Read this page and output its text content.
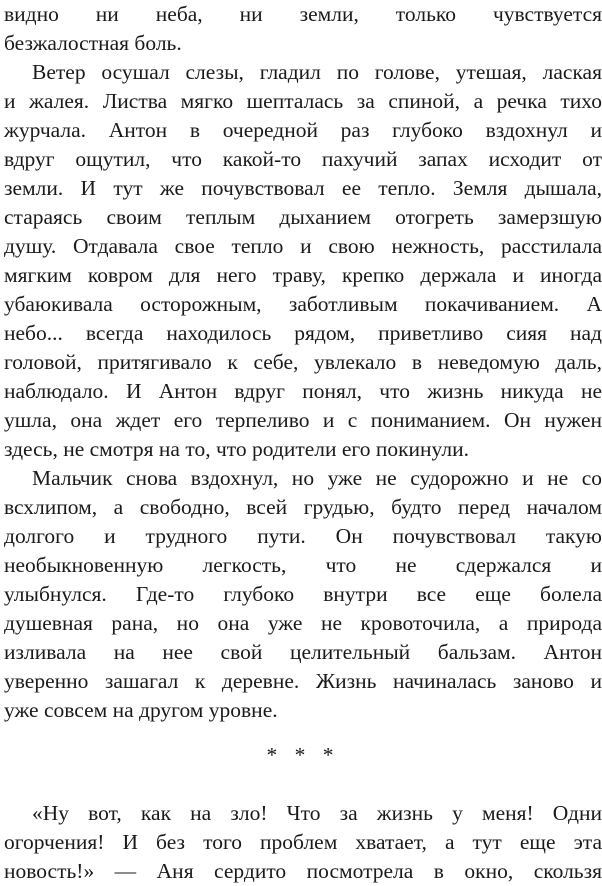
видно ни неба, ни земли, только чувствуется
безжалостная боль.
Ветер осушал слезы, гладил по голове, утешая, лаская
и жалея. Листва мягко шепталась за спиной, а речка тихо
журчала. Антон в очередной раз глубоко вздохнул и
вдруг ощутил, что какой-то пахучий запах исходит от
земли. И тут же почувствовал ее тепло. Земля дышала,
стараясь своим теплым дыханием отогреть замерзшую
душу. Отдавала свое тепло и свою нежность, расстилала
мягким ковром для него траву, крепко держала и иногда
убаюкивала осторожным, заботливым покачиванием. А
небо... всегда находилось рядом, приветливо сияя над
головой, притягивало к себе, увлекало в неведомую даль,
наблюдало. И Антон вдруг понял, что жизнь никуда не
ушла, она ждет его терпеливо и с пониманием. Он нужен
здесь, не смотря на то, что родители его покинули.
Мальчик снова вздохнул, но уже не судорожно и не со
всхлипом, а свободно, всей грудью, будто перед началом
долгого и трудного пути. Он почувствовал такую
необыкновенную легкость, что не сдержался и
улыбнулся. Где-то глубоко внутри все еще болела
душевная рана, но она уже не кровоточила, а природа
изливала на нее свой целительный бальзам. Антон
уверенно зашагал к деревне. Жизнь начиналась заново и
уже совсем на другом уровне.
* * *
«Ну вот, как на зло! Что за жизнь у меня! Одни
огорчения! И без того проблем хватает, а тут еще эта
новость!» — Аня сердито посмотрела в окно, скользя
